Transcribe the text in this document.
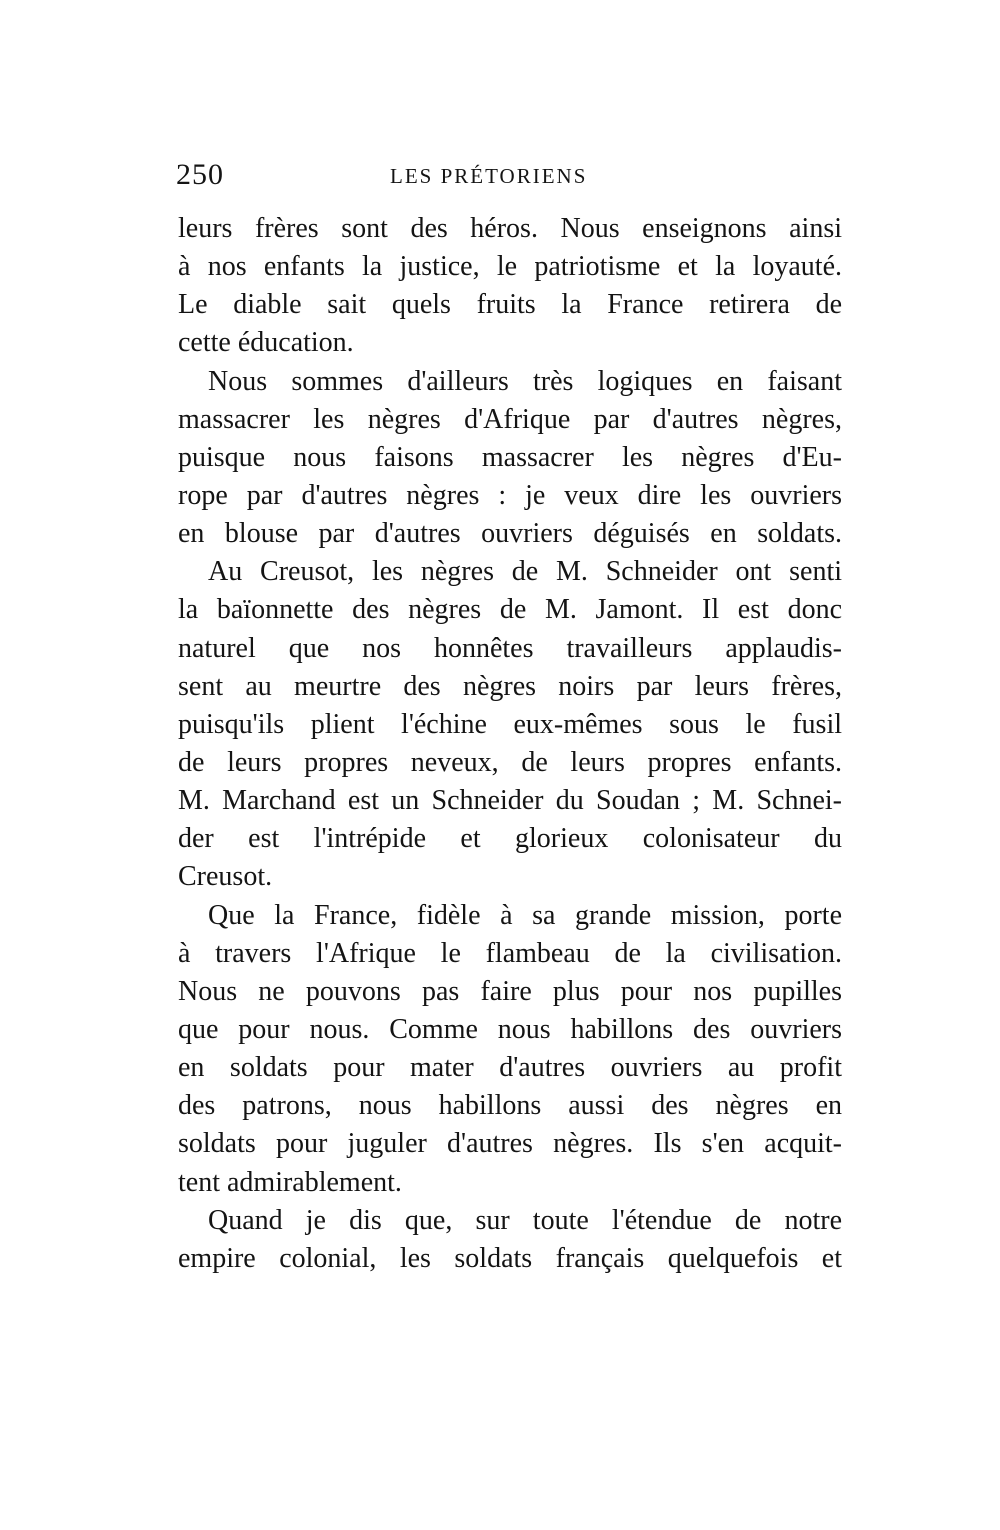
250	LES PRÉTORIENS
leurs frères sont des héros. Nous enseignons ainsi
à nos enfants la justice, le patriotisme et la loyauté.
Le diable sait quels fruits la France retirera de
cette éducation.
Nous sommes d'ailleurs très logiques en faisant
massacrer les nègres d'Afrique par d'autres nègres,
puisque nous faisons massacrer les nègres d'Eu-
rope par d'autres nègres : je veux dire les ouvriers
en blouse par d'autres ouvriers déguisés en soldats.
Au Creusot, les nègres de M. Schneider ont senti
la baïonnette des nègres de M. Jamont. Il est donc
naturel que nos honnêtes travailleurs applaudis-
sent au meurtre des nègres noirs par leurs frères,
puisqu'ils plient l'échine eux-mêmes sous le fusil
de leurs propres neveux, de leurs propres enfants.
M. Marchand est un Schneider du Soudan ; M. Schnei-
der est l'intrépide et glorieux colonisateur du
Creusot.
Que la France, fidèle à sa grande mission, porte
à travers l'Afrique le flambeau de la civilisation.
Nous ne pouvons pas faire plus pour nos pupilles
que pour nous. Comme nous habillons des ouvriers
en soldats pour mater d'autres ouvriers au profit
des patrons, nous habillons aussi des nègres en
soldats pour juguler d'autres nègres. Ils s'en acquit-
tent admirablement.
Quand je dis que, sur toute l'étendue de notre
empire colonial, les soldats français quelquefois et
